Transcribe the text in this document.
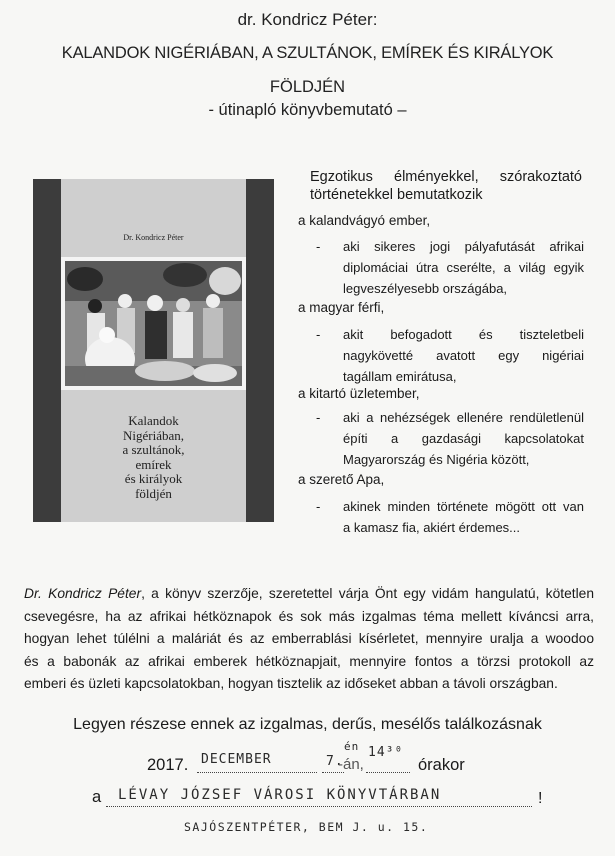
dr. Kondricz Péter:
KALANDOK NIGÉRIÁBAN, A SZULTÁNOK, EMÍREK ÉS KIRÁLYOK
FÖLDJÉN
- útinapló könyvbemutató –
Dr. Kondricz Péter
Kalandok
Nigériában,
a szultánok,
emírek
és királyok
földjén
Egzotikus élményekkel, szórakoztató
történetekkel bemutatkozik
a kalandvágyó ember,
- aki sikeres jogi pályafutását afrikai
diplomáciai útra cserélte, a világ egyik
legveszélyesebb országába,
a magyar férfi,
- akit befogadott és tiszteletbeli
nagykövetté avatott egy nigériai
tagállam emirátusa,
a kitartó üzletember,
- aki a nehézségek ellenére rendületlenül
építi a gazdasági kapcsolatokat
Magyarország és Nigéria között,
a szerető Apa,
- akinek minden története mögött ott van
a kamasz fia, akiért érdemes...
Dr. Kondricz Péter, a könyv szerzője, szeretettel várja Önt egy vidám hangulatú, kötetlen
csevegésre, ha az afrikai hétköznapok és sok más izgalmas téma mellett kíváncsi arra,
hogyan lehet túlélni a maláriát és az emberrablási kísérletet, mennyire uralja a woodoo
és a babonák az afrikai emberek hétköznapjait, mennyire fontos a törzsi protokoll az
emberi és üzleti kapcsolatokban, hogyan tisztelik az időseket abban a távoli országban.
Legyen részese ennek az izgalmas, derűs, mesélős találkozásnak
2017. DECEMBER	7.
én
-án,
14³⁰
órakor
a LÉVAY JÓZSEF VÁROSI KÖNYVTÁRBAN	!
SAJÓSZENTPÉTER, BEM J. u. 15.
